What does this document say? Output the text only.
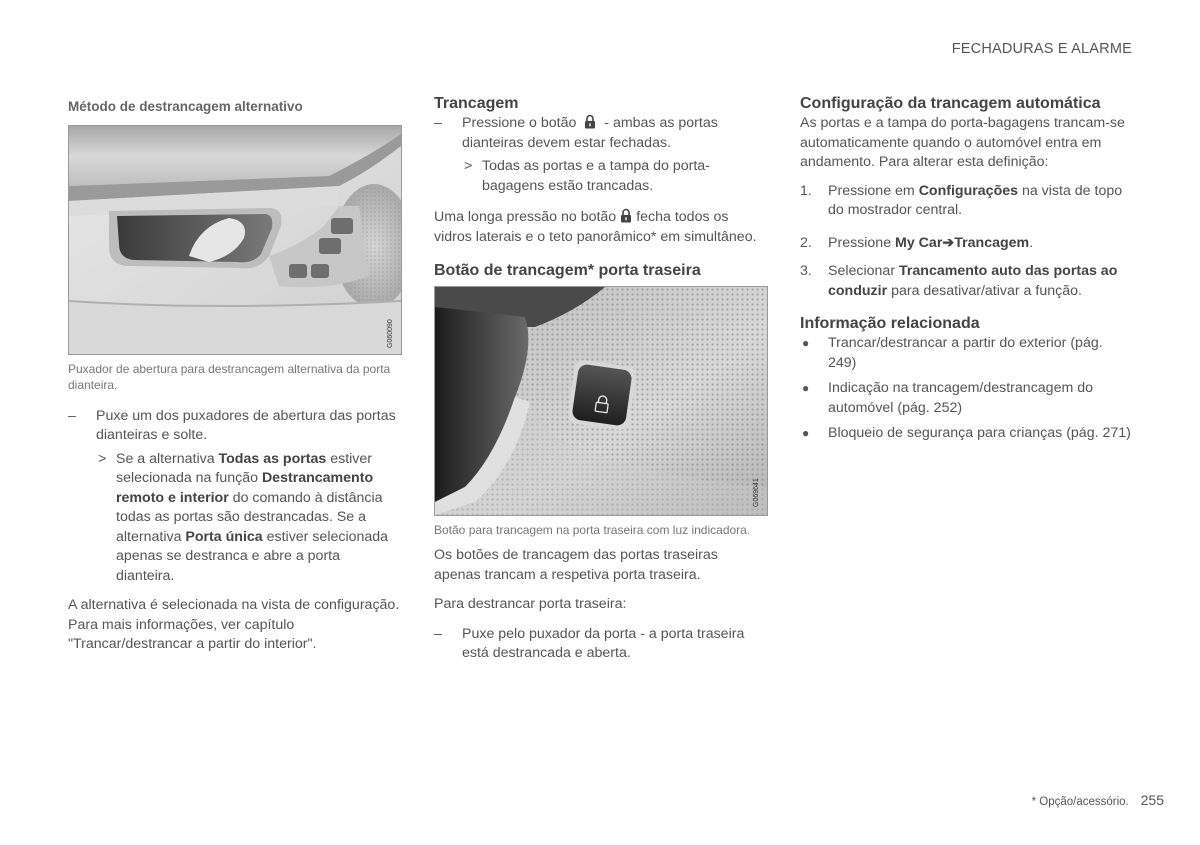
FECHADURAS E ALARME
Método de destrancagem alternativo
G060090

Puxador de abertura para destrancagem alternativa da porta dianteira.

– Puxe um dos puxadores de abertura das portas dianteiras e solte.
> Se a alternativa Todas as portas estiver selecionada na função Destrancamento remoto e interior do comando à distância todas as portas são destrancadas. Se a alternativa Porta única estiver selecionada apenas se destranca e abre a porta dianteira.

A alternativa é selecionada na vista de configuração. Para mais informações, ver capítulo "Trancar/destrancar a partir do interior".

Trancagem
– Pressione o botão - ambas as portas dianteiras devem estar fechadas.
> Todas as portas e a tampa do porta-bagagens estão trancadas.

Uma longa pressão no botão fecha todos os vidros laterais e o teto panorâmico* em simultâneo.

Botão de trancagem* porta traseira
G069641

Botão para trancagem na porta traseira com luz indicadora.

Os botões de trancagem das portas traseiras apenas trancam a respetiva porta traseira.

Para destrancar porta traseira:

– Puxe pelo puxador da porta - a porta traseira está destrancada e aberta.
Configuração da trancagem automática

As portas e a tampa do porta-bagagens trancam-se automaticamente quando o automóvel entra em andamento. Para alterar esta definição:

1. Pressione em Configurações na vista de topo do mostrador central.
2. Pressione My Car➔Trancagem.
3. Selecionar Trancamento auto das portas ao conduzir para desativar/ativar a função.
Informação relacionada
● Trancar/destrancar a partir do exterior (pág. 249)
● Indicação na trancagem/destrancagem do automóvel (pág. 252)
● Bloqueio de segurança para crianças (pág. 271)
* Opção/acessório. 255
